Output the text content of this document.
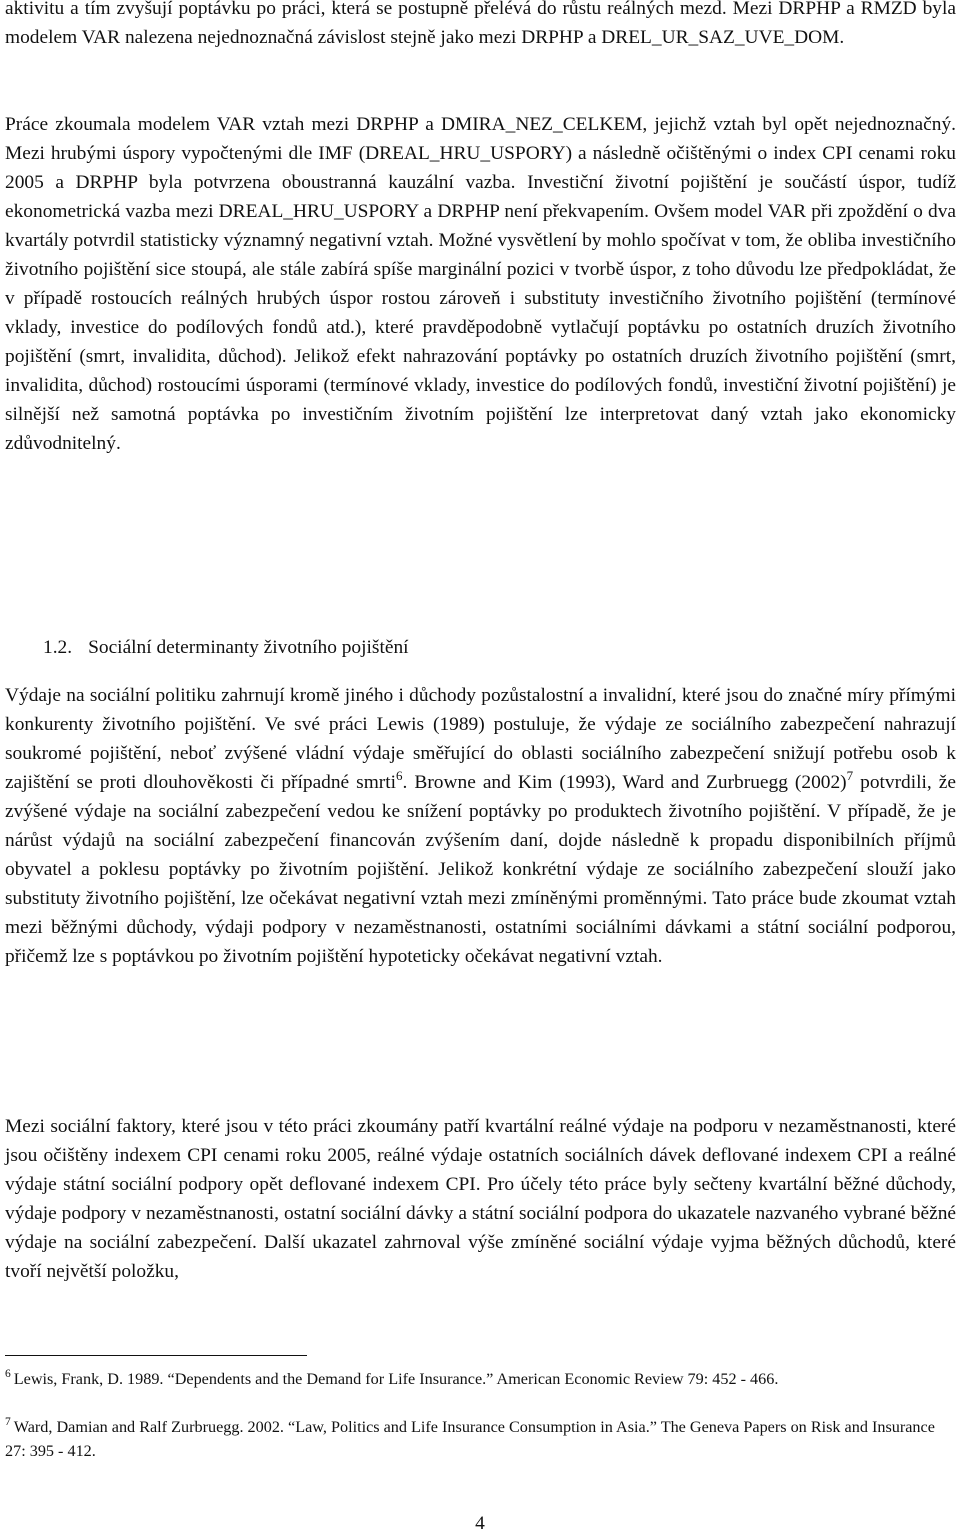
aktivitu a tím zvyšují poptávku po práci, která se postupně přelévá do růstu reálných mezd. Mezi DRPHP a RMZD byla modelem VAR nalezena nejednoznačná závislost stejně jako mezi DRPHP a DREL_UR_SAZ_UVE_DOM.

Práce zkoumala modelem VAR vztah mezi DRPHP a DMIRA_NEZ_CELKEM, jejichž vztah byl opět nejednoznačný. Mezi hrubými úspory vypočtenými dle IMF (DREAL_HRU_USPORY) a následně očištěnými o index CPI cenami roku 2005 a DRPHP byla potvrzena oboustranná kauzální vazba. Investiční životní pojištění je součástí úspor, tudíž ekonometrická vazba mezi DREAL_HRU_USPORY a DRPHP není překvapením. Ovšem model VAR při zpoždění o dva kvartály potvrdil statisticky významný negativní vztah. Možné vysvětlení by mohlo spočívat v tom, že obliba investičního životního pojištění sice stoupá, ale stále zabírá spíše marginální pozici v tvorbě úspor, z toho důvodu lze předpokládat, že v případě rostoucích reálných hrubých úspor rostou zároveň i substituty investičního životního pojištění (termínové vklady, investice do podílových fondů atd.), které pravděpodobně vytlačují poptávku po ostatních druzích životního pojištění (smrt, invalidita, důchod). Jelikož efekt nahrazování poptávky po ostatních druzích životního pojištění (smrt, invalidita, důchod) rostoucími úsporami (termínové vklady, investice do podílových fondů, investiční životní pojištění) je silnější než samotná poptávka po investičním životním pojištění lze interpretovat daný vztah jako ekonomicky zdůvodnitelný.

1.2. Sociální determinanty životního pojištění

Výdaje na sociální politiku zahrnují kromě jiného i důchody pozůstalostní a invalidní, které jsou do značné míry přímými konkurenty životního pojištění. Ve své práci Lewis (1989) postuluje, že výdaje ze sociálního zabezpečení nahrazují soukromé pojištění, neboť zvýšené vládní výdaje směřující do oblasti sociálního zabezpečení snižují potřebu osob k zajištění se proti dlouhověkosti či případné smrti$^6$. Browne and Kim (1993), Ward and Zurbruegg $(2002)^7$ potvrdili, že zvýšené výdaje na sociální zabezpečení vedou ke snížení poptávky po produktech životního pojištění. V případě, že je nárůst výdajů na sociální zabezpečení financován zvýšením daní, dojde následně k propadu disponibilních příjmů obyvatel a poklesu poptávky po životním pojištění. Jelikož konkrétní výdaje ze sociálního zabezpečení slouží jako substituty životního pojištění, lze očekávat negativní vztah mezi zmíněnými proměnnými. Tato práce bude zkoumat vztah mezi běžnými důchody, výdaji podpory v nezaměstnanosti, ostatními sociálními dávkami a státní sociální podporou, přičemž lze s poptávkou po životním pojištění hypoteticky očekávat negativní vztah.

Mezi sociální faktory, které jsou v této práci zkoumány patří kvartální reálné výdaje na podporu v nezaměstnanosti, které jsou očištěny indexem CPI cenami roku 2005, reálné výdaje ostatních sociálních dávek deflované indexem CPI a reálné výdaje státní sociální podpory opět deflované indexem CPI. Pro účely této práce byly sečteny kvartální běžné důchody, výdaje podpory v nezaměstnanosti, ostatní sociální dávky a státní sociální podpora do ukazatele nazvaného vybrané běžné výdaje na sociální zabezpečení. Další ukazatel zahrnoval výše zmíněné sociální výdaje vyjma běžných důchodů, které tvoří největší položku,

$^6$ Lewis, Frank, D. 1989. “Dependents and the Demand for Life Insurance.” American Economic Review 79: 452 - 466.

$^7$ Ward, Damian and Ralf Zurbruegg. 2002. “Law, Politics and Life Insurance Consumption in Asia.” The Geneva Papers on Risk and Insurance 27: 395 - 412.

4
